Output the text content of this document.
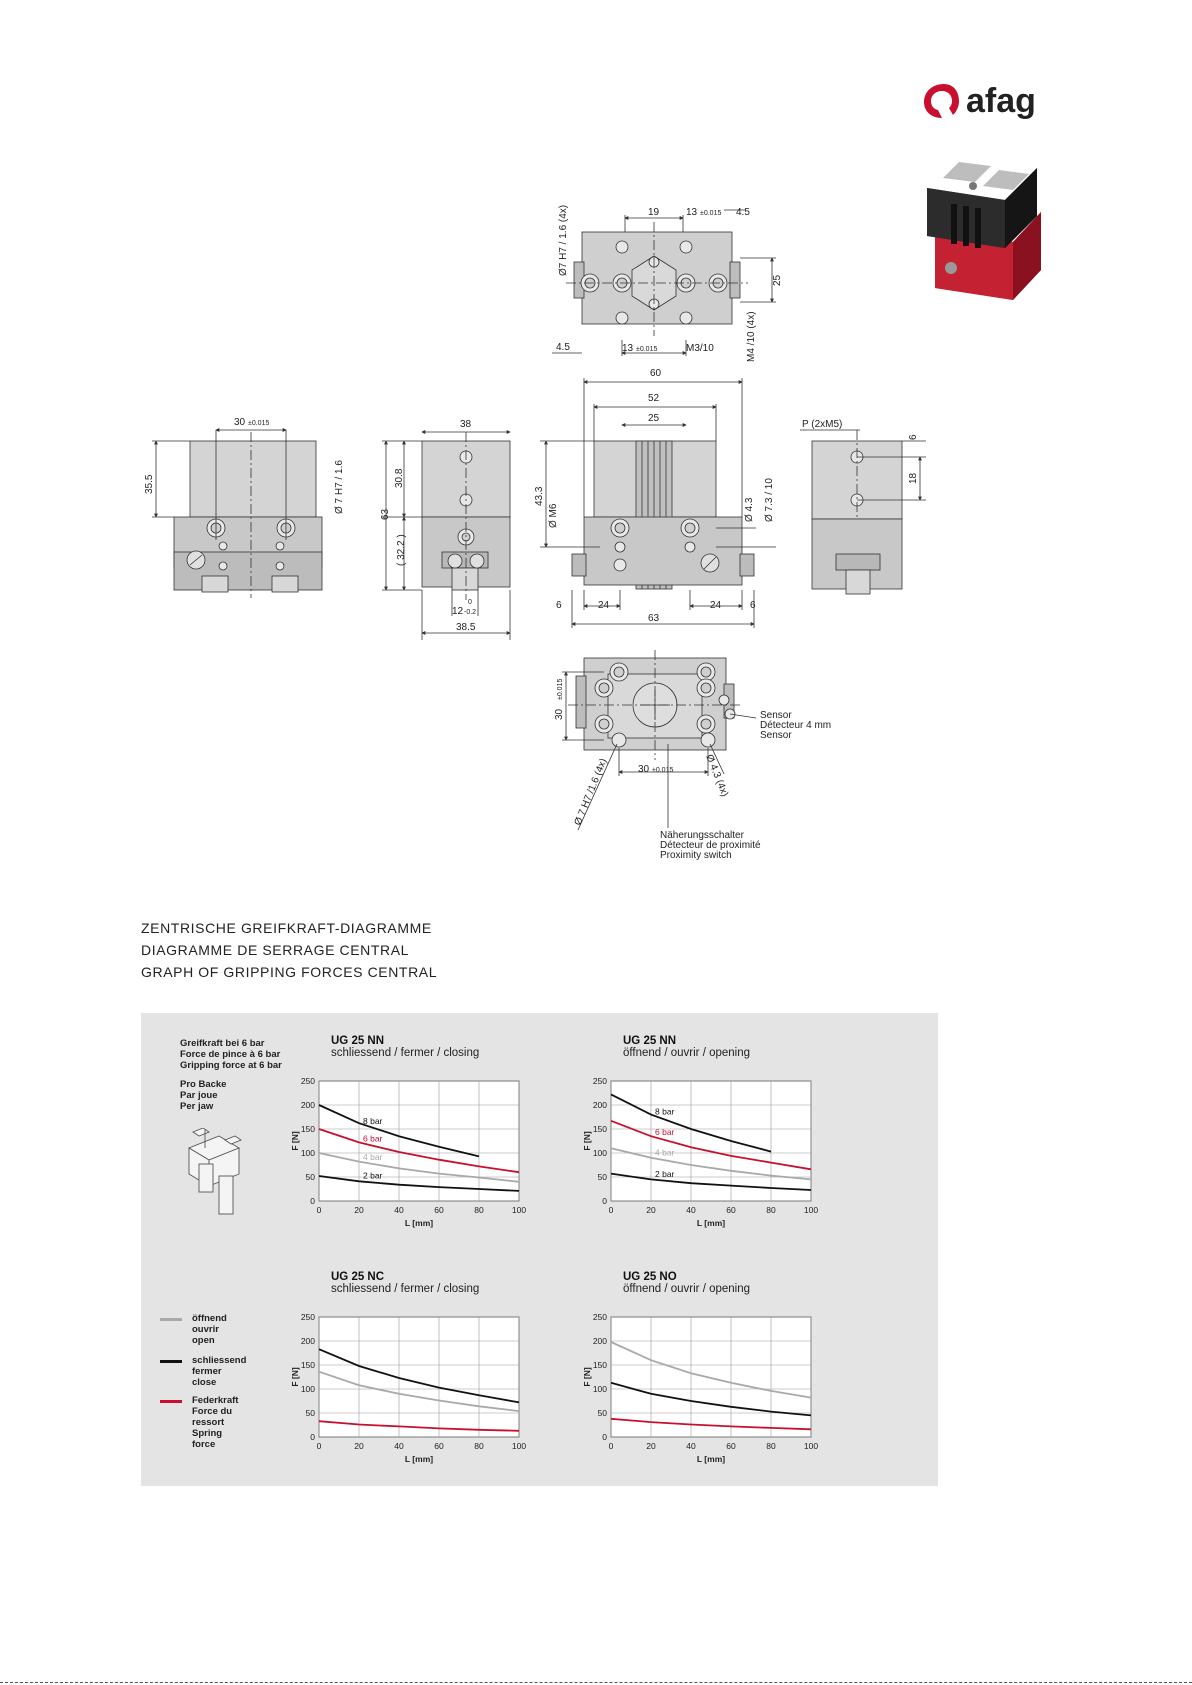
afag
19	13 ±0.015 4.5
25
4.5	13 ±0.015	M3/10
Ø7 H7 / 1.6 (4x)
M4 /10 (4x)
30 ±0.015
35.5	Ø 7 H7 / 1.6
38
30.8
63
( 32.2 )
12
0
-0.2
38.5
60
52
25
43.3
Ø M6	Ø 4.3 Ø 7.3 / 10
6	24	24	6
63
P (2xM5)
6
18
30
±0.015
30 ±0.015
Ø 7 H7 /1.6 (4x)	Ø 4.3 (4x)
Sensor
Détecteur 4 mm
Sensor
Näherungsschalter
Détecteur de proximité
Proximity switch
ZENTRISCHE GREIFKRAFT-DIAGRAMME
DIAGRAMME DE SERRAGE CENTRAL
GRAPH OF GRIPPING FORCES CENTRAL
Greifkraft bei 6 bar
Force de pince à 6 bar
Gripping force at 6 bar
Pro Backe
Par joue
Per jaw
öffnend
ouvrir
open
schliessend
fermer
close
Federkraft
Force du ressort
Spring force
UG 25 NN
schliessend / fermer / closing
UG 25 NN
öffnend / ouvrir / opening
UG 25 NC
schliessend / fermer / closing
UG 25 NO
öffnend / ouvrir / opening
0	20	40	60	80	100
0
50
100
150
200
250
L [mm]
F [N]
8 bar
6 bar
4 bar
2 bar
0	20	40	60	80	100
0
50
100
150
200
250
L [mm]
F [N]
8 bar
6 bar
4 bar
2 bar
0	20	40	60	80	100
0
50
100
150
200
250
L [mm]
F [N]
0	20	40	60	80	100
0
50
100
150
200
250
L [mm]
F [N]
